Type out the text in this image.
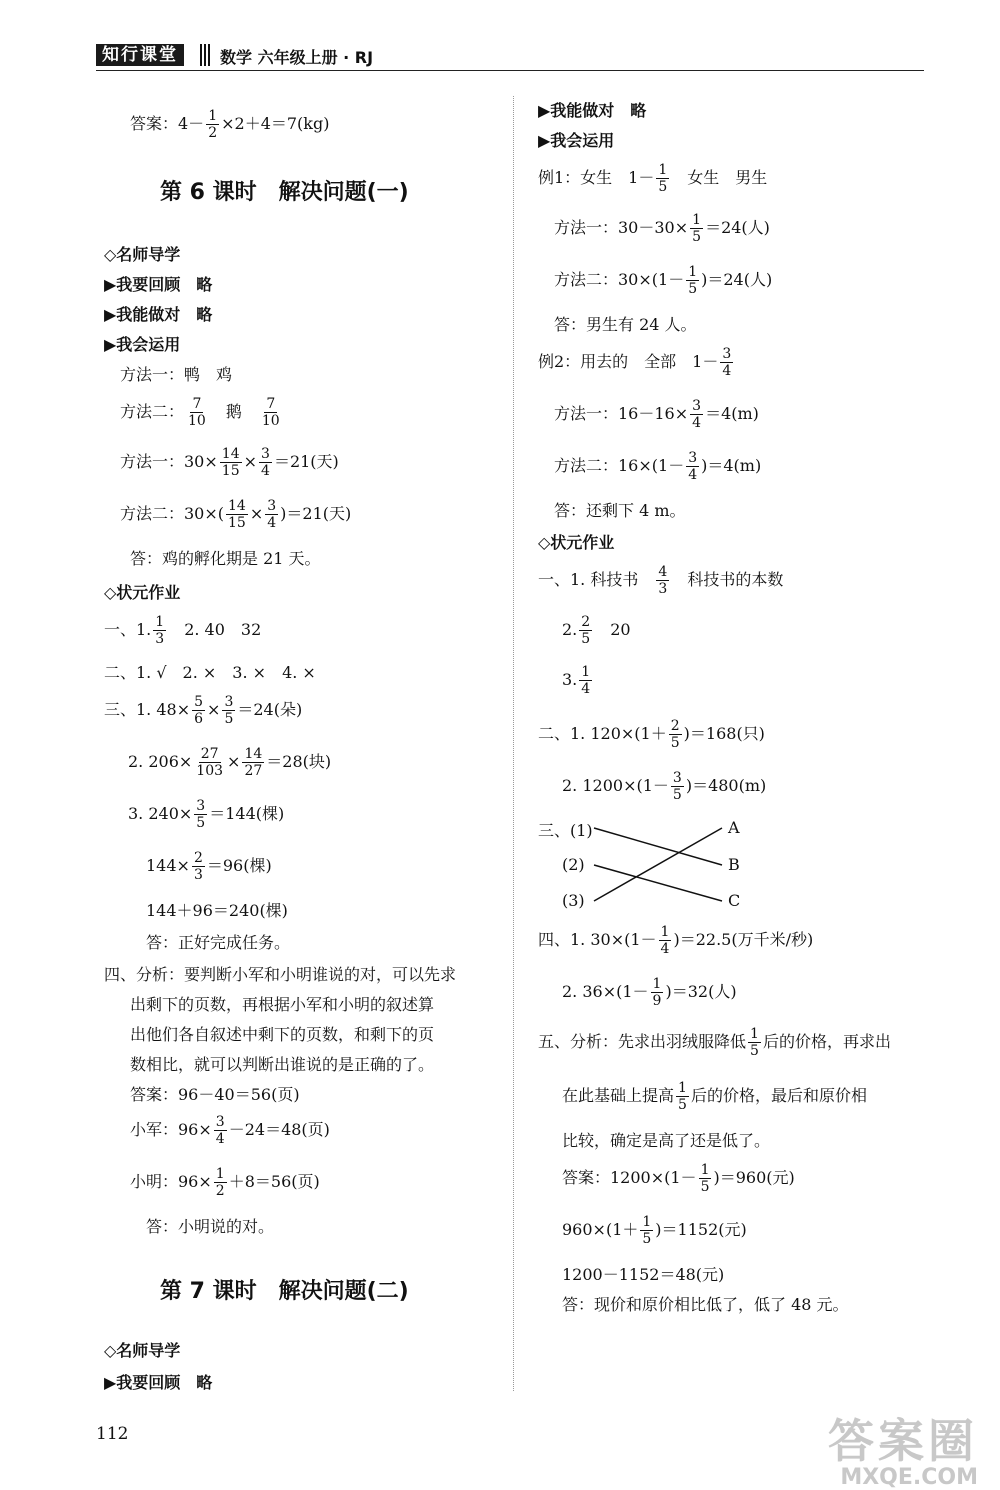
知行课堂	数学 六年级上册 · RJ
答案：$4- \frac{1}{2} \times 2+4=7(kg)$
第 6 课时　解决问题(一)
◇名师导学
▶我要回顾　略
▶我能做对　略
▶我会运用
方法一：鸭　鸡
方法二： $\frac{7}{10}$
　 鹅　 $\frac{7}{10}$
方法一：$30\times \frac{14}{15} \times \frac{3}{4} =21$(天)
方法二：$30\times( \frac{14}{15} \times \frac{3}{4} )=21$(天)
答：鸡的孵化期是 21 天。
◇状元作业
一、1. $\frac{1}{3}$ 　2. 40　32
二、1. √　2. ×　3. ×　4. ×
三、1. $48\times \frac{5}{6} \times \frac{3}{5} =24$(朵)
2. $206\times \frac{27}{103} \times \frac{14}{27} =28$(块)
3. $240\times \frac{3}{5} =144$(棵)
$144\times \frac{2}{3} =96$(棵)
144＋96＝240(棵)
答：正好完成任务。
四、分析：要判断小军和小明谁说的对，可以先求
出剩下的页数，再根据小军和小明的叙述算
出他们各自叙述中剩下的页数，和剩下的页
数相比，就可以判断出谁说的是正确的了。
答案：96－40＝56(页)
小军：$96\times \frac{3}{4} -24=48$(页)
小明：$96\times \frac{1}{2} +8=56$(页)
答：小明说的对。
第 7 课时　解决问题(二)
◇名师导学
▶我要回顾　略
▶我能做对　略
▶我会运用
例1：女生　$1- \frac{1}{5}$ 　女生　男生
方法一：$30-30\times \frac{1}{5} =24$(人)
方法二：$30\times(1- \frac{1}{5} )=24$(人)
答：男生有 24 人。
例2：用去的　全部　$1- \frac{3}{4}$
方法一：$16-16\times \frac{3}{4} =4(m)$
方法二：$16\times(1- \frac{3}{4} )=4(m)$
答：还剩下 4 m。
◇状元作业
一、1. 科技书　 $\frac{4}{3}$
　 科技书的本数
2. $\frac{2}{5}$ 　20
3. $\frac{1}{4}$
二、1. $120\times(1+ \frac{2}{5} )=168$(只)
2. $1200\times(1- \frac{3}{5} )=480(m)$
三、(1)
(2)
(3)
A
B
C
四、1. $30\times(1- \frac{1}{4} )=22.5$(万千米/秒)
2. $36\times(1- \frac{1}{9} )=32$(人)
五、分析：先求出羽绒服降低 $\frac{1}{5}$ 后的价格，再求出
在此基础上提高 $\frac{1}{5}$ 后的价格，最后和原价相
比较，确定是高了还是低了。
答案：$1200\times(1- \frac{1}{5} )=960$(元)
$960\times(1+ \frac{1}{5} )=1152$(元)
1200－1152＝48(元)
答：现价和原价相比低了，低了 48 元。
112	答案圈
MXQE.COM
